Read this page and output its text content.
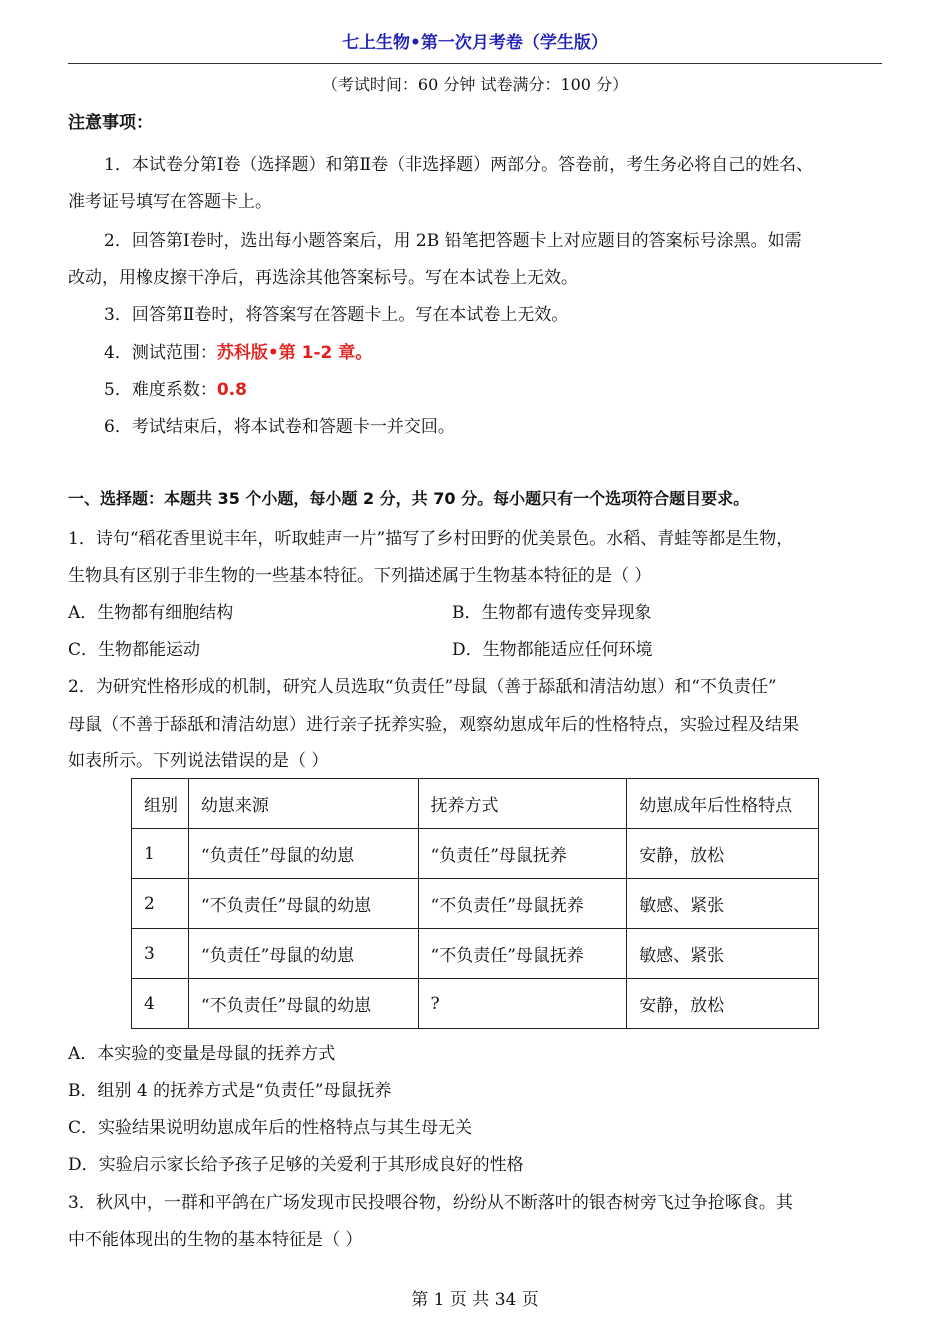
七上生物•第一次月考卷（学生版）
（考试时间：60 分钟 试卷满分：100 分）
注意事项：
1．本试卷分第Ⅰ卷（选择题）和第Ⅱ卷（非选择题）两部分。答卷前，考生务必将自己的姓名、
准考证号填写在答题卡上。
2．回答第Ⅰ卷时，选出每小题答案后，用 2B 铅笔把答题卡上对应题目的答案标号涂黑。如需
改动，用橡皮擦干净后，再选涂其他答案标号。写在本试卷上无效。
3．回答第Ⅱ卷时，将答案写在答题卡上。写在本试卷上无效。
4．测试范围：苏科版•第 1-2 章。
5．难度系数：0.8
6．考试结束后，将本试卷和答题卡一并交回。
一、选择题：本题共 35 个小题，每小题 2 分，共 70 分。每小题只有一个选项符合题目要求。
1．诗句“稻花香里说丰年，听取蛙声一片”描写了乡村田野的优美景色。水稻、青蛙等都是生物，
生物具有区别于非生物的一些基本特征。下列描述属于生物基本特征的是（ ）
A．生物都有细胞结构	B．生物都有遗传变异现象
C．生物都能运动	D．生物都能适应任何环境
2．为研究性格形成的机制，研究人员选取“负责任”母鼠（善于舔舐和清洁幼崽）和“不负责任”
母鼠（不善于舔舐和清洁幼崽）进行亲子抚养实验，观察幼崽成年后的性格特点，实验过程及结果
如表所示。下列说法错误的是（ ）
组别	幼崽来源	抚养方式	幼崽成年后性格特点
1	“负责任”母鼠的幼崽	“负责任”母鼠抚养	安静，放松
2	“不负责任”母鼠的幼崽	“不负责任”母鼠抚养	敏感、紧张
3	“负责任”母鼠的幼崽	“不负责任”母鼠抚养	敏感、紧张
4	“不负责任”母鼠的幼崽	?	安静，放松
A．本实验的变量是母鼠的抚养方式
B．组别 4 的抚养方式是“负责任”母鼠抚养
C．实验结果说明幼崽成年后的性格特点与其生母无关
D．实验启示家长给予孩子足够的关爱利于其形成良好的性格
3．秋风中，一群和平鸽在广场发现市民投喂谷物，纷纷从不断落叶的银杏树旁飞过争抢啄食。其
中不能体现出的生物的基本特征是（ ）
第 1 页 共 34 页
